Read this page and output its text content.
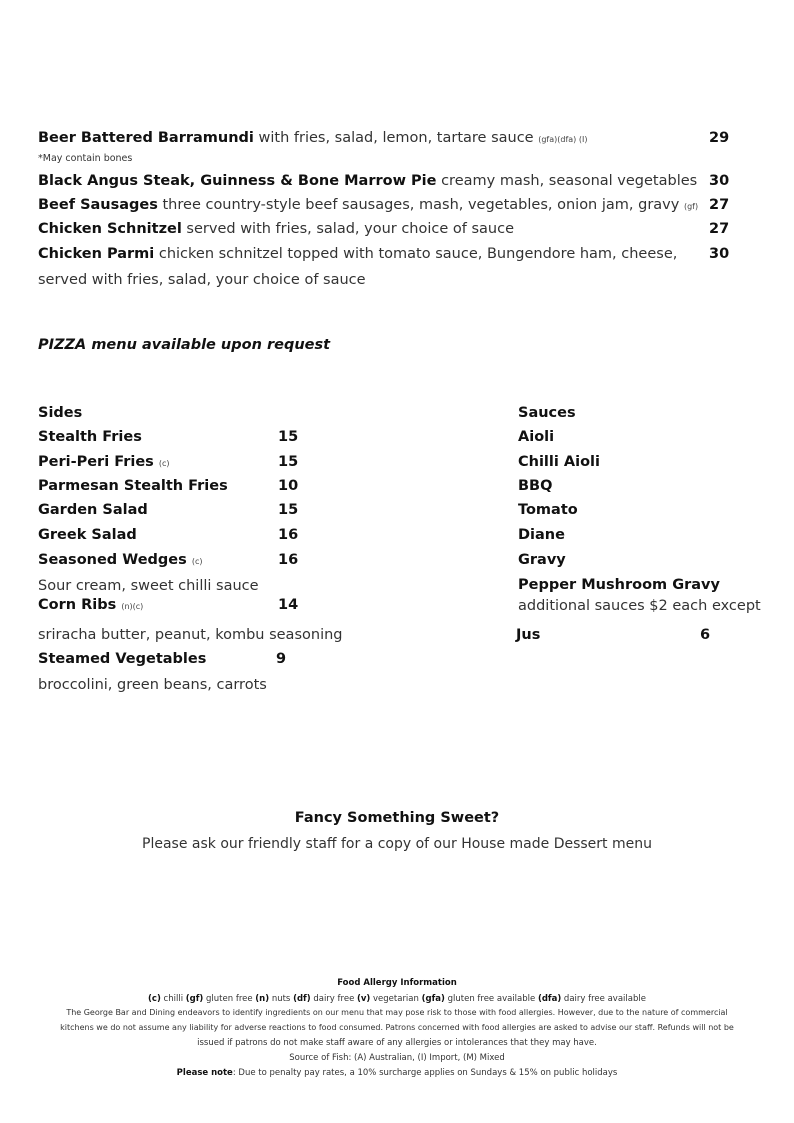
Beer Battered Barramundi with fries, salad, lemon, tartare sauce (gfa)(dfa) (I)	29
*May contain bones
Black Angus Steak, Guinness & Bone Marrow Pie creamy mash, seasonal vegetables 30
Beef Sausages three country-style beef sausages, mash, vegetables, onion jam, gravy (gf) 27
Chicken Schnitzel served with fries, salad, your choice of sauce	27
Chicken Parmi chicken schnitzel topped with tomato sauce, Bungendore ham, cheese, 30
served with fries, salad, your choice of sauce
PIZZA menu available upon request
Sides
Stealth Fries	15
Peri-Peri Fries (c)	15
Parmesan Stealth Fries	10
Garden Salad	15
Greek Salad	16
Seasoned Wedges (c)	16
Sour cream, sweet chilli sauce
Corn Ribs (n)(c)	14
sriracha butter, peanut, kombu seasoning
Steamed Vegetables	9
broccolini, green beans, carrots
Sauces
Aioli
Chilli Aioli
BBQ
Tomato
Diane
Gravy
Pepper Mushroom Gravy
additional sauces $2 each except
Jus	6
Fancy Something Sweet?
Please ask our friendly staff for a copy of our House made Dessert menu
Food Allergy Information
(c) chilli (gf) gluten free (n) nuts (df) dairy free (v) vegetarian (gfa) gluten free available (dfa) dairy free available
The George Bar and Dining endeavors to identify ingredients on our menu that may pose risk to those with food allergies. However, due to the nature of commercial
kitchens we do not assume any liability for adverse reactions to food consumed. Patrons concerned with food allergies are asked to advise our staff. Refunds will not be
issued if patrons do not make staff aware of any allergies or intolerances that they may have.
Source of Fish: (A) Australian, (I) Import, (M) Mixed
Please note: Due to penalty pay rates, a 10% surcharge applies on Sundays & 15% on public holidays
